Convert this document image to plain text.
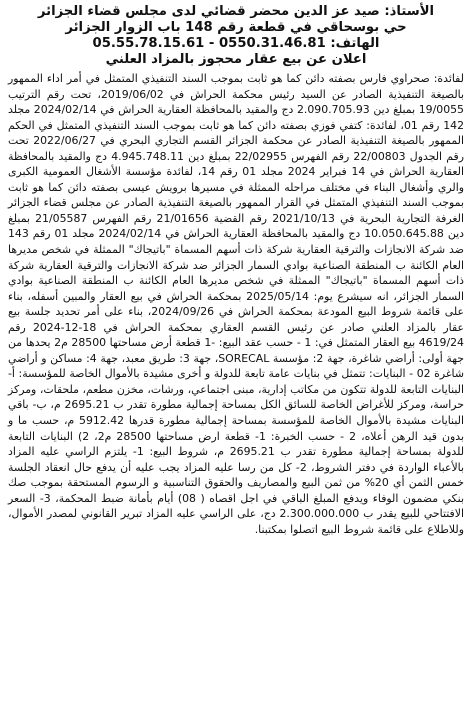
الأستاذ: صيد عز الدين محضر قضائي لدى مجلس قضاء الجزائر
حي بوسحاقي في قطعة رقم 148 باب الزوار الجزائر
الهاتف: 0550.31.46.81 - 05.55.78.15.61
اعلان عن بيع عقار محجوز بالمزاد العلني

لفائدة: صحراوي فارس بصفته دائن كما هو ثابت بموجب السند التنفيذي المتمثل في أمر اداء الممهور بالصيغة التنفيذية الصادر عن السيد رئيس محكمة الحراش في 2019/06/02، تحت رقم الترتيب 19/0055 بمبلغ دين 2.090.705.93 دج والمقيد بالمحافظة العقارية الحراش في 2024/02/14 مجلد 142 رقم 01، لفائدة: كتفي فوزي بصفته دائن كما هو ثابت بموجب السند التنفيذي المتمثل في الحكم الممهور بالصيغة التنفيذية الصادر عن محكمة الجزائر القسم التجاري البحري في 2022/06/27 تحت رقم الجدول 22/00803 رقم الفهرس 22/02955 بمبلغ دين 4.945.748.11 دج والمقيد بالمحافظة العقارية الحراش في 14 فبراير 2024 مجلد 01 رقم 14، لفائدة مؤسسة الأشغال العمومية الكبرى والري وأشغال البناء في مختلف مراحله الممثلة في مسيرها برويش عيسى بصفته دائن كما هو ثابت بموجب السند التنفيذي المتمثل في القرار الممهور بالصيغة التنفيذية الصادر عن مجلس قضاء الجزائر الغرفة التجارية البحرية في 2021/10/13 رقم القضية 21/01656 رقم الفهرس 21/05587 بمبلغ دين 10.050.645.88 دج والمقيد بالمحافظة العقارية الحراش في 2024/02/14 مجلد 01 رقم 143 ضد شركة الانجازات والترقية العقارية شركة ذات أسهم المسماة "باتيجاك" الممثلة في شخص مديرها العام الكائنة ب المنطقة الصناعية بوادي السمار الجزائر ضد شركة الانجازات والترقية العقارية شركة ذات أسهم المسماة "باتيجاك" الممثلة في شخص مديرها العام الكائنة ب المنطقة الصناعية بوادي السمار الجزائر، انه سيشرع يوم: 2025/05/14 بمحكمة الحراش في بيع العقار والمبين أسفله، بناء على قائمة شروط البيع المودعة بمحكمة الحراش في 2024/09/26، بناء على أمر تحديد جلسة بيع عقار بالمزاد العلني صادر عن رئيس القسم العقاري بمحكمة الحراش في 18-12-2024 رقم 4619/24 بيع العقار المتمثل في: 1 - حسب عقد البيع: -1 قطعة أرض مساحتها 28500 م2 يحدها من جهة أولى: أراضي شاغرة، جهة 2: مؤسسة SORECAL، جهة 3: طريق معبد، جهة 4: مساكن و أراضي شاغرة 02 - البنايات: تتمثل في بنايات عامة تابعة للدولة و أخرى مشيدة بالأموال الخاصة للمؤسسة: أ- البنايات التابعة للدولة تتكون من مكاتب إدارية، مبنى اجتماعي، ورشات، مخزن مطعم، ملحقات، ومركز حراسة، ومركز للأغراض الخاصة للسائق الكل بمساحة إجمالية مطورة تقدر ب 2695.21 م، ب- باقي البنايات مشيدة بالأموال الخاصة للمؤسسة بمساحة إجمالية مطورة قدرها 5912.42 م، حسب ما و بدون قيد الرهن أعلاه، 2 - حسب الخبرة: 1- قطعة ارض مساحتها 28500 م2، 2) البنايات التابعة للدولة بمساحة إجمالية مطورة تقدر ب 2695.21 م، شروط البيع: 1- يلتزم الراسي عليه المزاد بالأعباء الواردة في دفتر الشروط، 2- كل من رسا عليه المزاد يجب عليه أن يدفع حال انعقاد الجلسة خمس الثمن أي 20% من ثمن البيع والمصاريف والحقوق التناسبية و الرسوم المستحقة بموجب صك بنكي مضمون الوفاء ويدفع المبلغ الباقي في اجل اقصاه ( 08) أيام بأمانة ضبط المحكمة، 3- السعر الافتتاحي للبيع يقدر ب 2.300.000.000 دج، على الراسي عليه المزاد تبرير القانوني لمصدر الأموال، وللاطلاع على قائمة شروط البيع اتصلوا بمكتبنا.
